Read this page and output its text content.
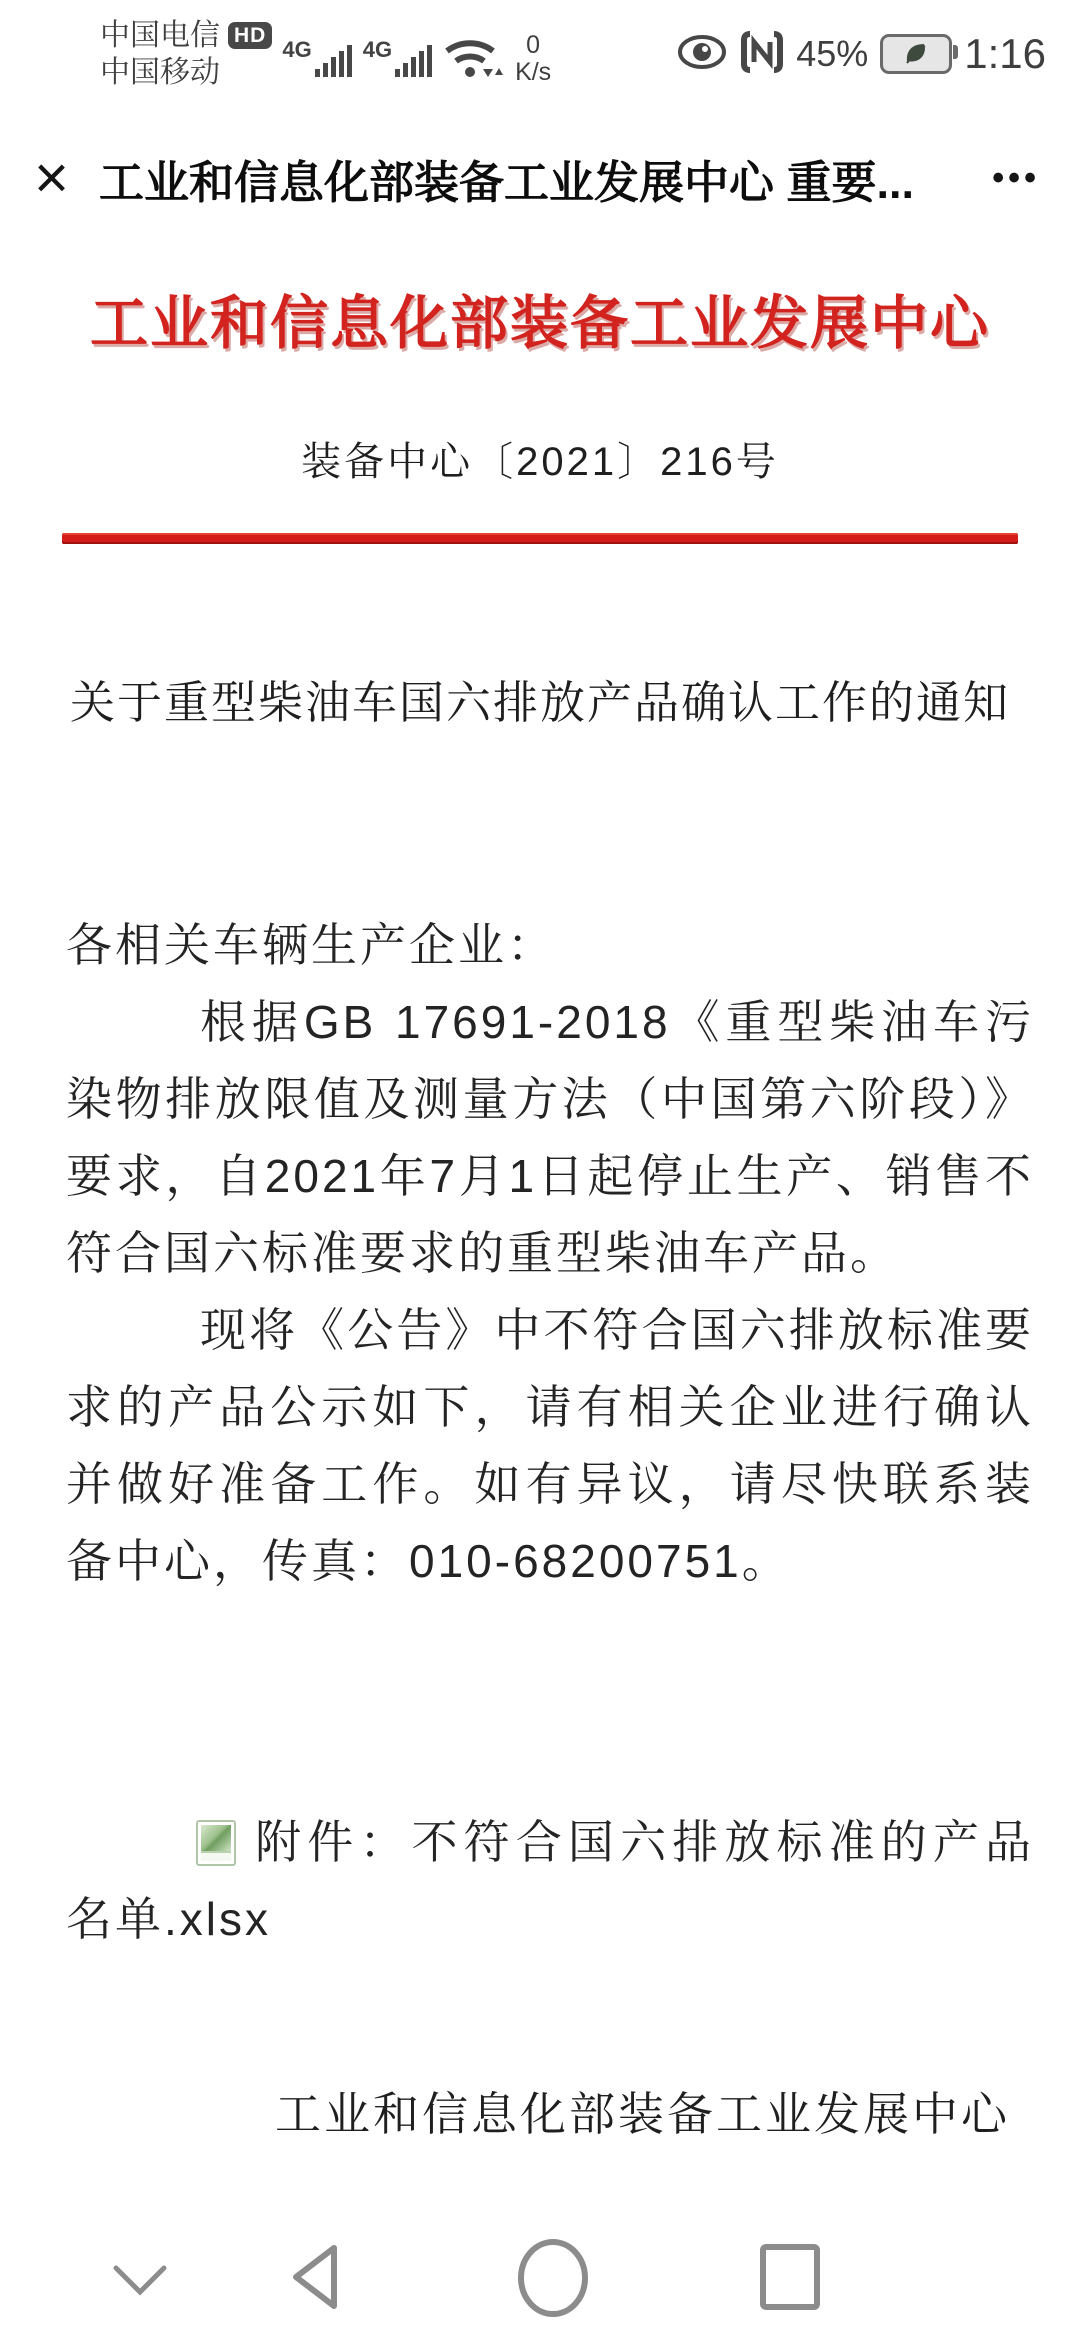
中国电信 HD
中国移动
4G 4G	0
K/s	45% 1:16
× 工业和信息化部装备工业发展中心 重要... •••
工业和信息化部装备工业发展中心
装备中心〔2021〕216号
关于重型柴油车国六排放产品确认工作的通知

各相关车辆生产企业：

根据GB 17691-2018《重型柴油车污染物排放限值及测量方法（中国第六阶段）》要求，自2021年7月1日起停止生产、销售不符合国六标准要求的重型柴油车产品。

现将《公告》中不符合国六排放标准要求的产品公示如下，请有相关企业进行确认并做好准备工作。如有异议，请尽快联系装备中心，传真：010-68200751。

附件：不符合国六排放标准的产品名单.xlsx

工业和信息化部装备工业发展中心
